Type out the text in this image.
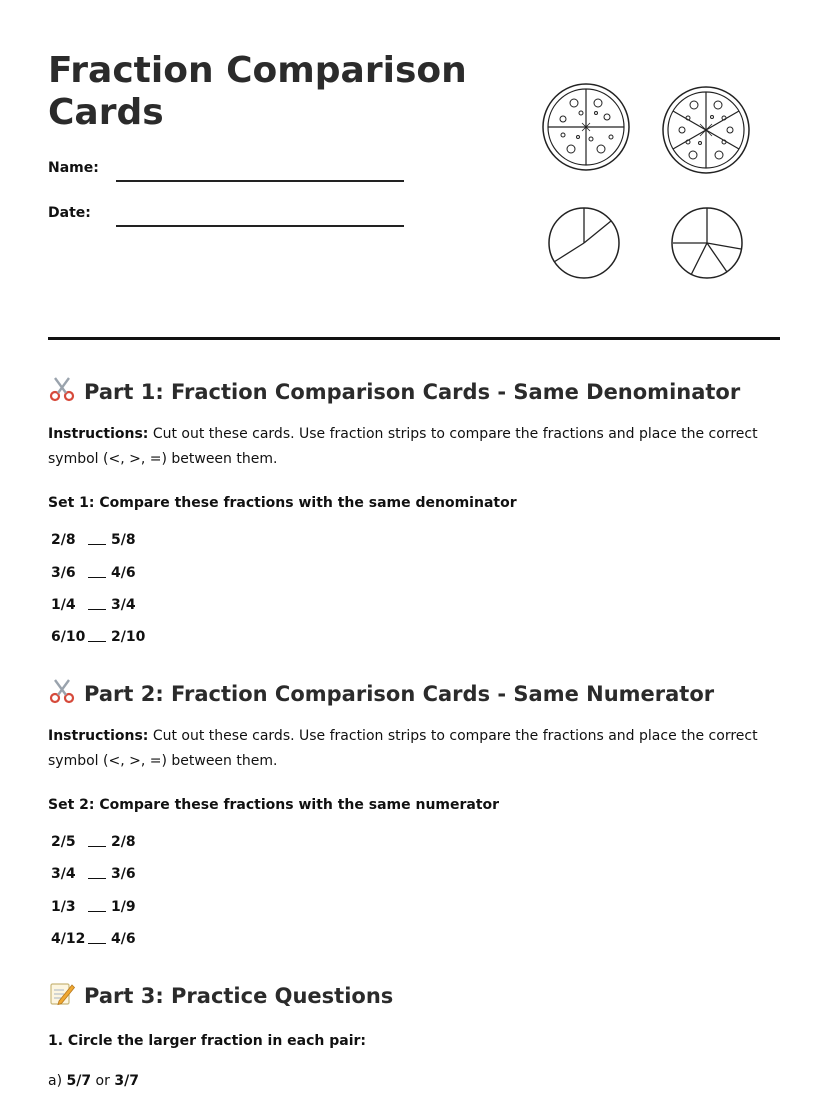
Fraction Comparison Cards
Name:
Date:
Part 1: Fraction Comparison Cards - Same Denominator

Instructions: Cut out these cards. Use fraction strips to compare the fractions and place the correct symbol (<, >, =) between them.

Set 1: Compare these fractions with the same denominator

2/8	5/8
3/6	4/6
1/4	3/4
6/10 2/10
Part 2: Fraction Comparison Cards - Same Numerator

Instructions: Cut out these cards. Use fraction strips to compare the fractions and place the correct symbol (<, >, =) between them.

Set 2: Compare these fractions with the same numerator

2/5	2/8
3/4	3/6
1/3	1/9
4/12 4/6
Part 3: Practice Questions

1. Circle the larger fraction in each pair:

a) 5/7 or 3/7
